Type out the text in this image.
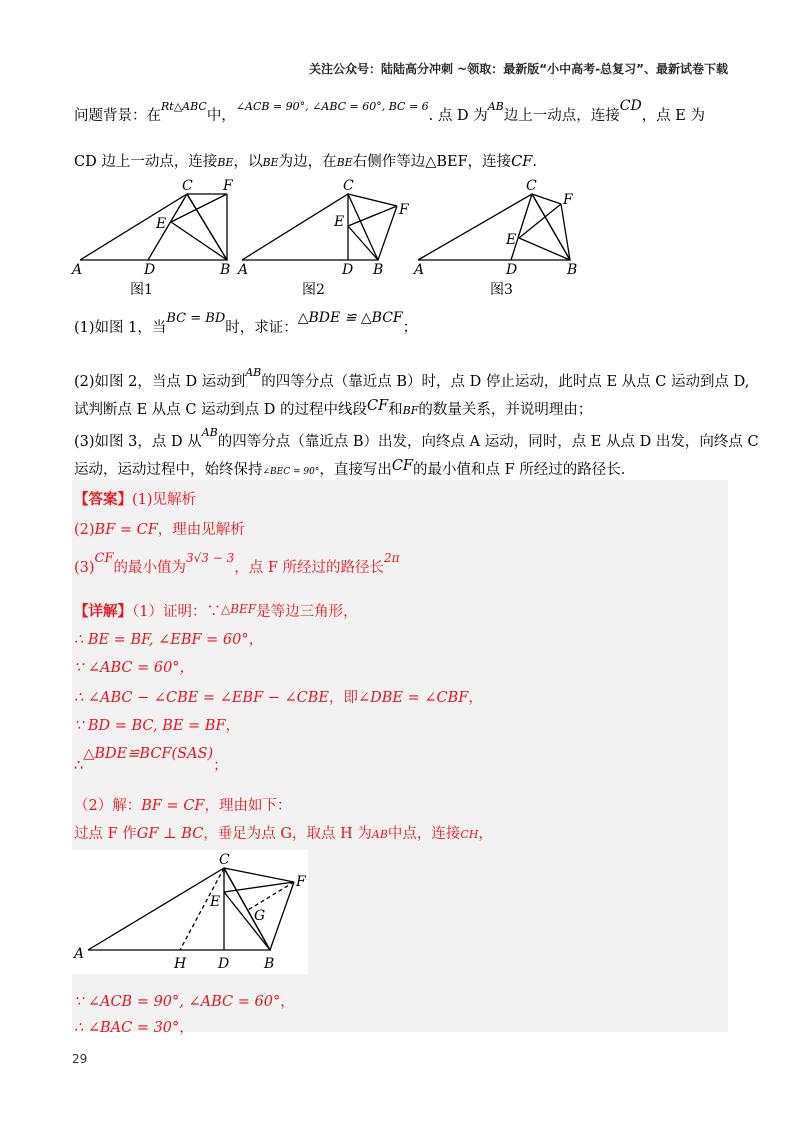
关注公众号：陆陆高分冲刺 ~领取：最新版“小中高考-总复习”、最新试卷下载
问题背景：在$^{Rt\triangle ABC}$中，$^{\angle ACB = 90^\circ, \angle ABC = 60^\circ, BC = 6}$. 点 D 为$^{AB}$边上一动点，连接CD，点 E 为
CD 边上一动点，连接BE，以BE为边，在BE右侧作等边△BEF，连接CF.
A	D	B
C F
E
图1
A	D B
C
F
E
图2
A	D	B
C
F
E
图3
(1)如图 1，当BC = BD时，求证：△BDE ≌ △BCF；
(2)如图 2，当点 D 运动到$^{AB}$的四等分点（靠近点 B）时，点 D 停止运动，此时点 E 从点 C 运动到点 D,
试判断点 E 从点 C 运动到点 D 的过程中线段CF和BF的数量关系，并说明理由；
(3)如图 3，点 D 从$^{AB}$的四等分点（靠近点 B）出发，向终点 A 运动，同时，点 E 从点 D 出发，向终点 C
运动，运动过程中，始终保持∠BEC = 90°，直接写出CF的最小值和点 F 所经过的路径长.
【答案】(1)见解析
(2)BF = CF，理由见解析
(3)CF的最小值为$^{3√3 - 3}$，点 F 所经过的路径长$^{2\pi}$
【详解】（1）证明：∵$^{\triangle BEF}$是等边三角形，
∴ BE = BF, ∠EBF = 60°，
∵ ∠ABC = 60°，
∴ ∠ABC − ∠CBE = ∠EBF − ∠CBE，即∠DBE = ∠CBF，
∵ BD = BC, BE = BF，
∴△BDE≌BCF(SAS)；
（2）解：BF = CF，理由如下：
过点 F 作GF ⊥ BC，垂足为点 G，取点 H 为AB中点，连接CH，
A
H D B
C
F
E
G
∵ ∠ACB = 90°, ∠ABC = 60°，
∴ ∠BAC = 30°，
29
